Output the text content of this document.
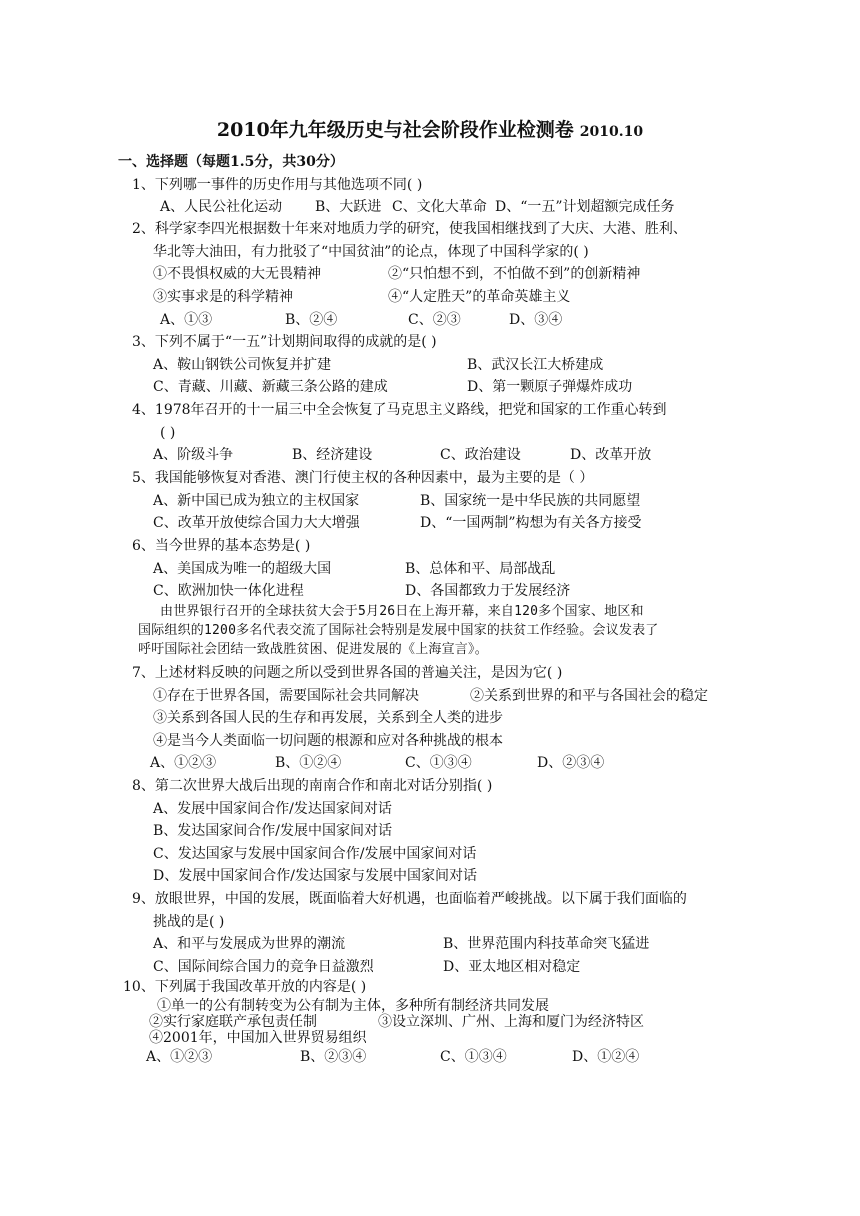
2010年九年级历史与社会阶段作业检测卷 2010.10
一、选择题（每题1.5分，共30分）
1、下列哪一事件的历史作用与其他选项不同( )
A、人民公社化运动 B、大跃进 C、文化大革命 D、“一五”计划超额完成任务
2、科学家李四光根据数十年来对地质力学的研究，使我国相继找到了大庆、大港、胜利、
华北等大油田，有力批驳了“中国贫油”的论点，体现了中国科学家的( )
①不畏惧权威的大无畏精神	②“只怕想不到，不怕做不到”的创新精神
③实事求是的科学精神	④“人定胜天”的革命英雄主义
A、①③	B、②④	C、②③	D、③④
3、下列不属于“一五”计划期间取得的成就的是( )
A、鞍山钢铁公司恢复并扩建	B、武汉长江大桥建成
C、青藏、川藏、新藏三条公路的建成	D、第一颗原子弹爆炸成功
4、1978年召开的十一届三中全会恢复了马克思主义路线，把党和国家的工作重心转到
( )
A、阶级斗争	B、经济建设	C、政治建设	D、改革开放
5、我国能够恢复对香港、澳门行使主权的各种因素中，最为主要的是（ ）
A、新中国已成为独立的主权国家	B、国家统一是中华民族的共同愿望
C、改革开放使综合国力大大增强	D、“一国两制”构想为有关各方接受
6、当今世界的基本态势是( )
A、美国成为唯一的超级大国	B、总体和平、局部战乱
C、欧洲加快一体化进程	D、各国都致力于发展经济
由世界银行召开的全球扶贫大会于5月26日在上海开幕，来自120多个国家、地区和
国际组织的1200多名代表交流了国际社会特别是发展中国家的扶贫工作经验。会议发表了
呼吁国际社会团结一致战胜贫困、促进发展的《上海宣言》。
7、上述材料反映的问题之所以受到世界各国的普遍关注，是因为它( )
①存在于世界各国，需要国际社会共同解决	②关系到世界的和平与各国社会的稳定
③关系到各国人民的生存和再发展，关系到全人类的进步
④是当今人类面临一切问题的根源和应对各种挑战的根本
A、①②③	B、①②④	C、①③④	D、②③④
8、第二次世界大战后出现的南南合作和南北对话分别指( )
A、发展中国家间合作/发达国家间对话
B、发达国家间合作/发展中国家间对话
C、发达国家与发展中国家间合作/发展中国家间对话
D、发展中国家间合作/发达国家与发展中国家间对话
9、放眼世界，中国的发展，既面临着大好机遇，也面临着严峻挑战。以下属于我们面临的
挑战的是( )
A、和平与发展成为世界的潮流	B、世界范围内科技革命突飞猛进
C、国际间综合国力的竞争日益激烈	D、亚太地区相对稳定
10、下列属于我国改革开放的内容是( )
①单一的公有制转变为公有制为主体，多种所有制经济共同发展
②实行家庭联产承包责任制	③设立深圳、广州、上海和厦门为经济特区
④2001年，中国加入世界贸易组织
A、①②③	B、②③④	C、①③④	D、①②④
